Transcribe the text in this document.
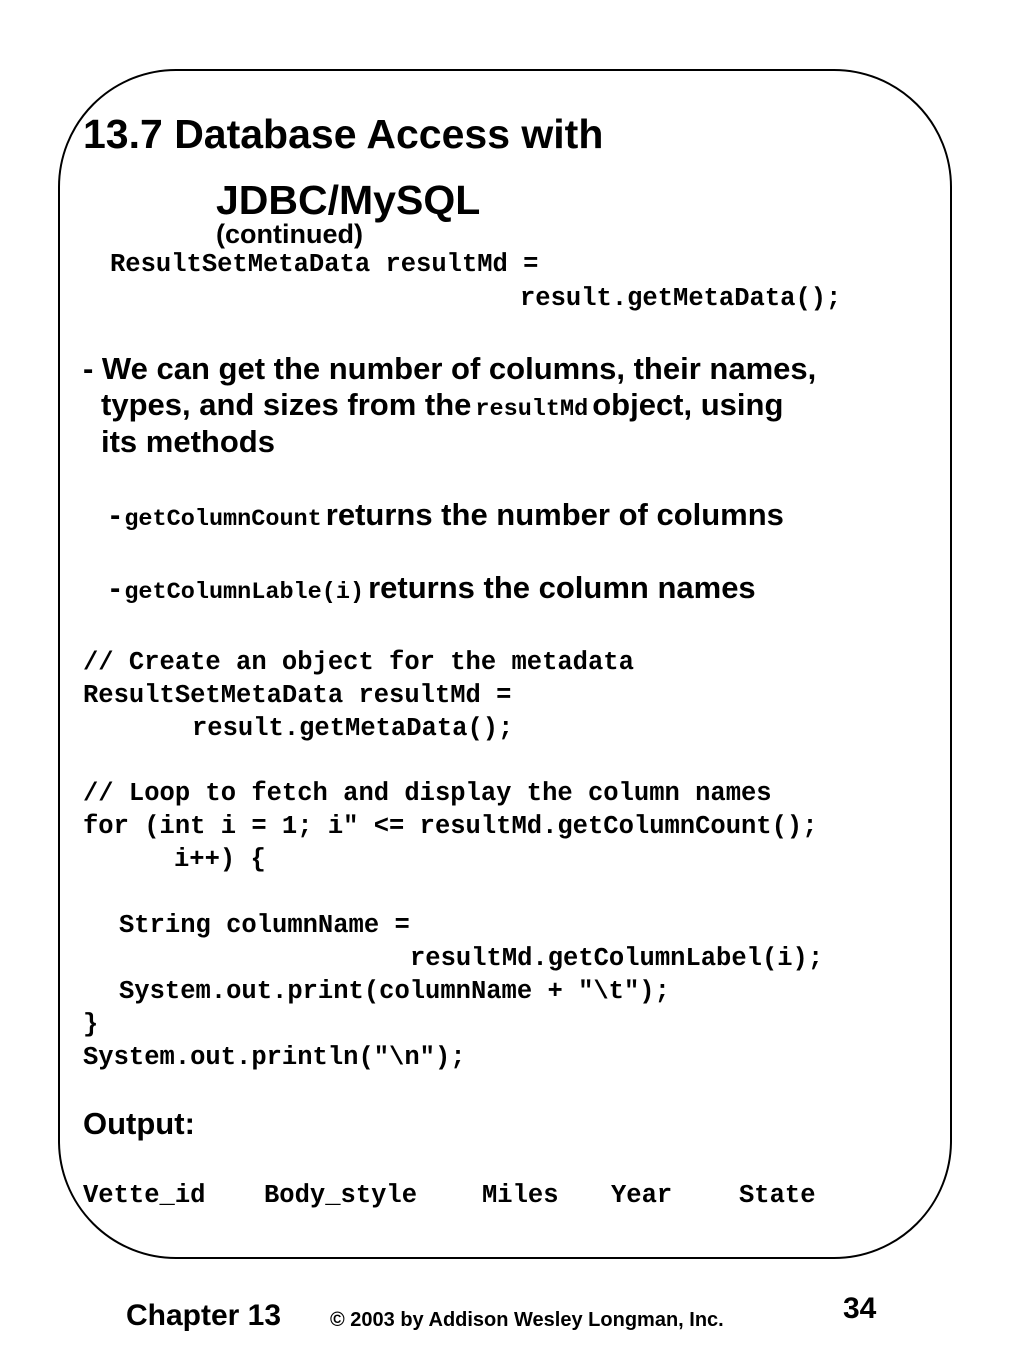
13.7 Database Access with

JDBC/MySQL
(continued)

ResultSetMetaData resultMd =
result.getMetaData();
- We can get the number of columns, their names,
types, and sizes from the resultMd object, using
its methods
- getColumnCount returns the number of columns
- getColumnLable(i) returns the column names
// Create an object for the metadata
ResultSetMetaData resultMd =
result.getMetaData();
// Loop to fetch and display the column names
for (int i = 1; i" <= resultMd.getColumnCount();
i++) {
String columnName =
resultMd.getColumnLabel(i);
System.out.print(columnName + "\t");
}
System.out.println("\n");
Output:
Vette_id Body_style	Miles Year	State
Chapter 13 © 2003 by Addison Wesley Longman, Inc.	34
